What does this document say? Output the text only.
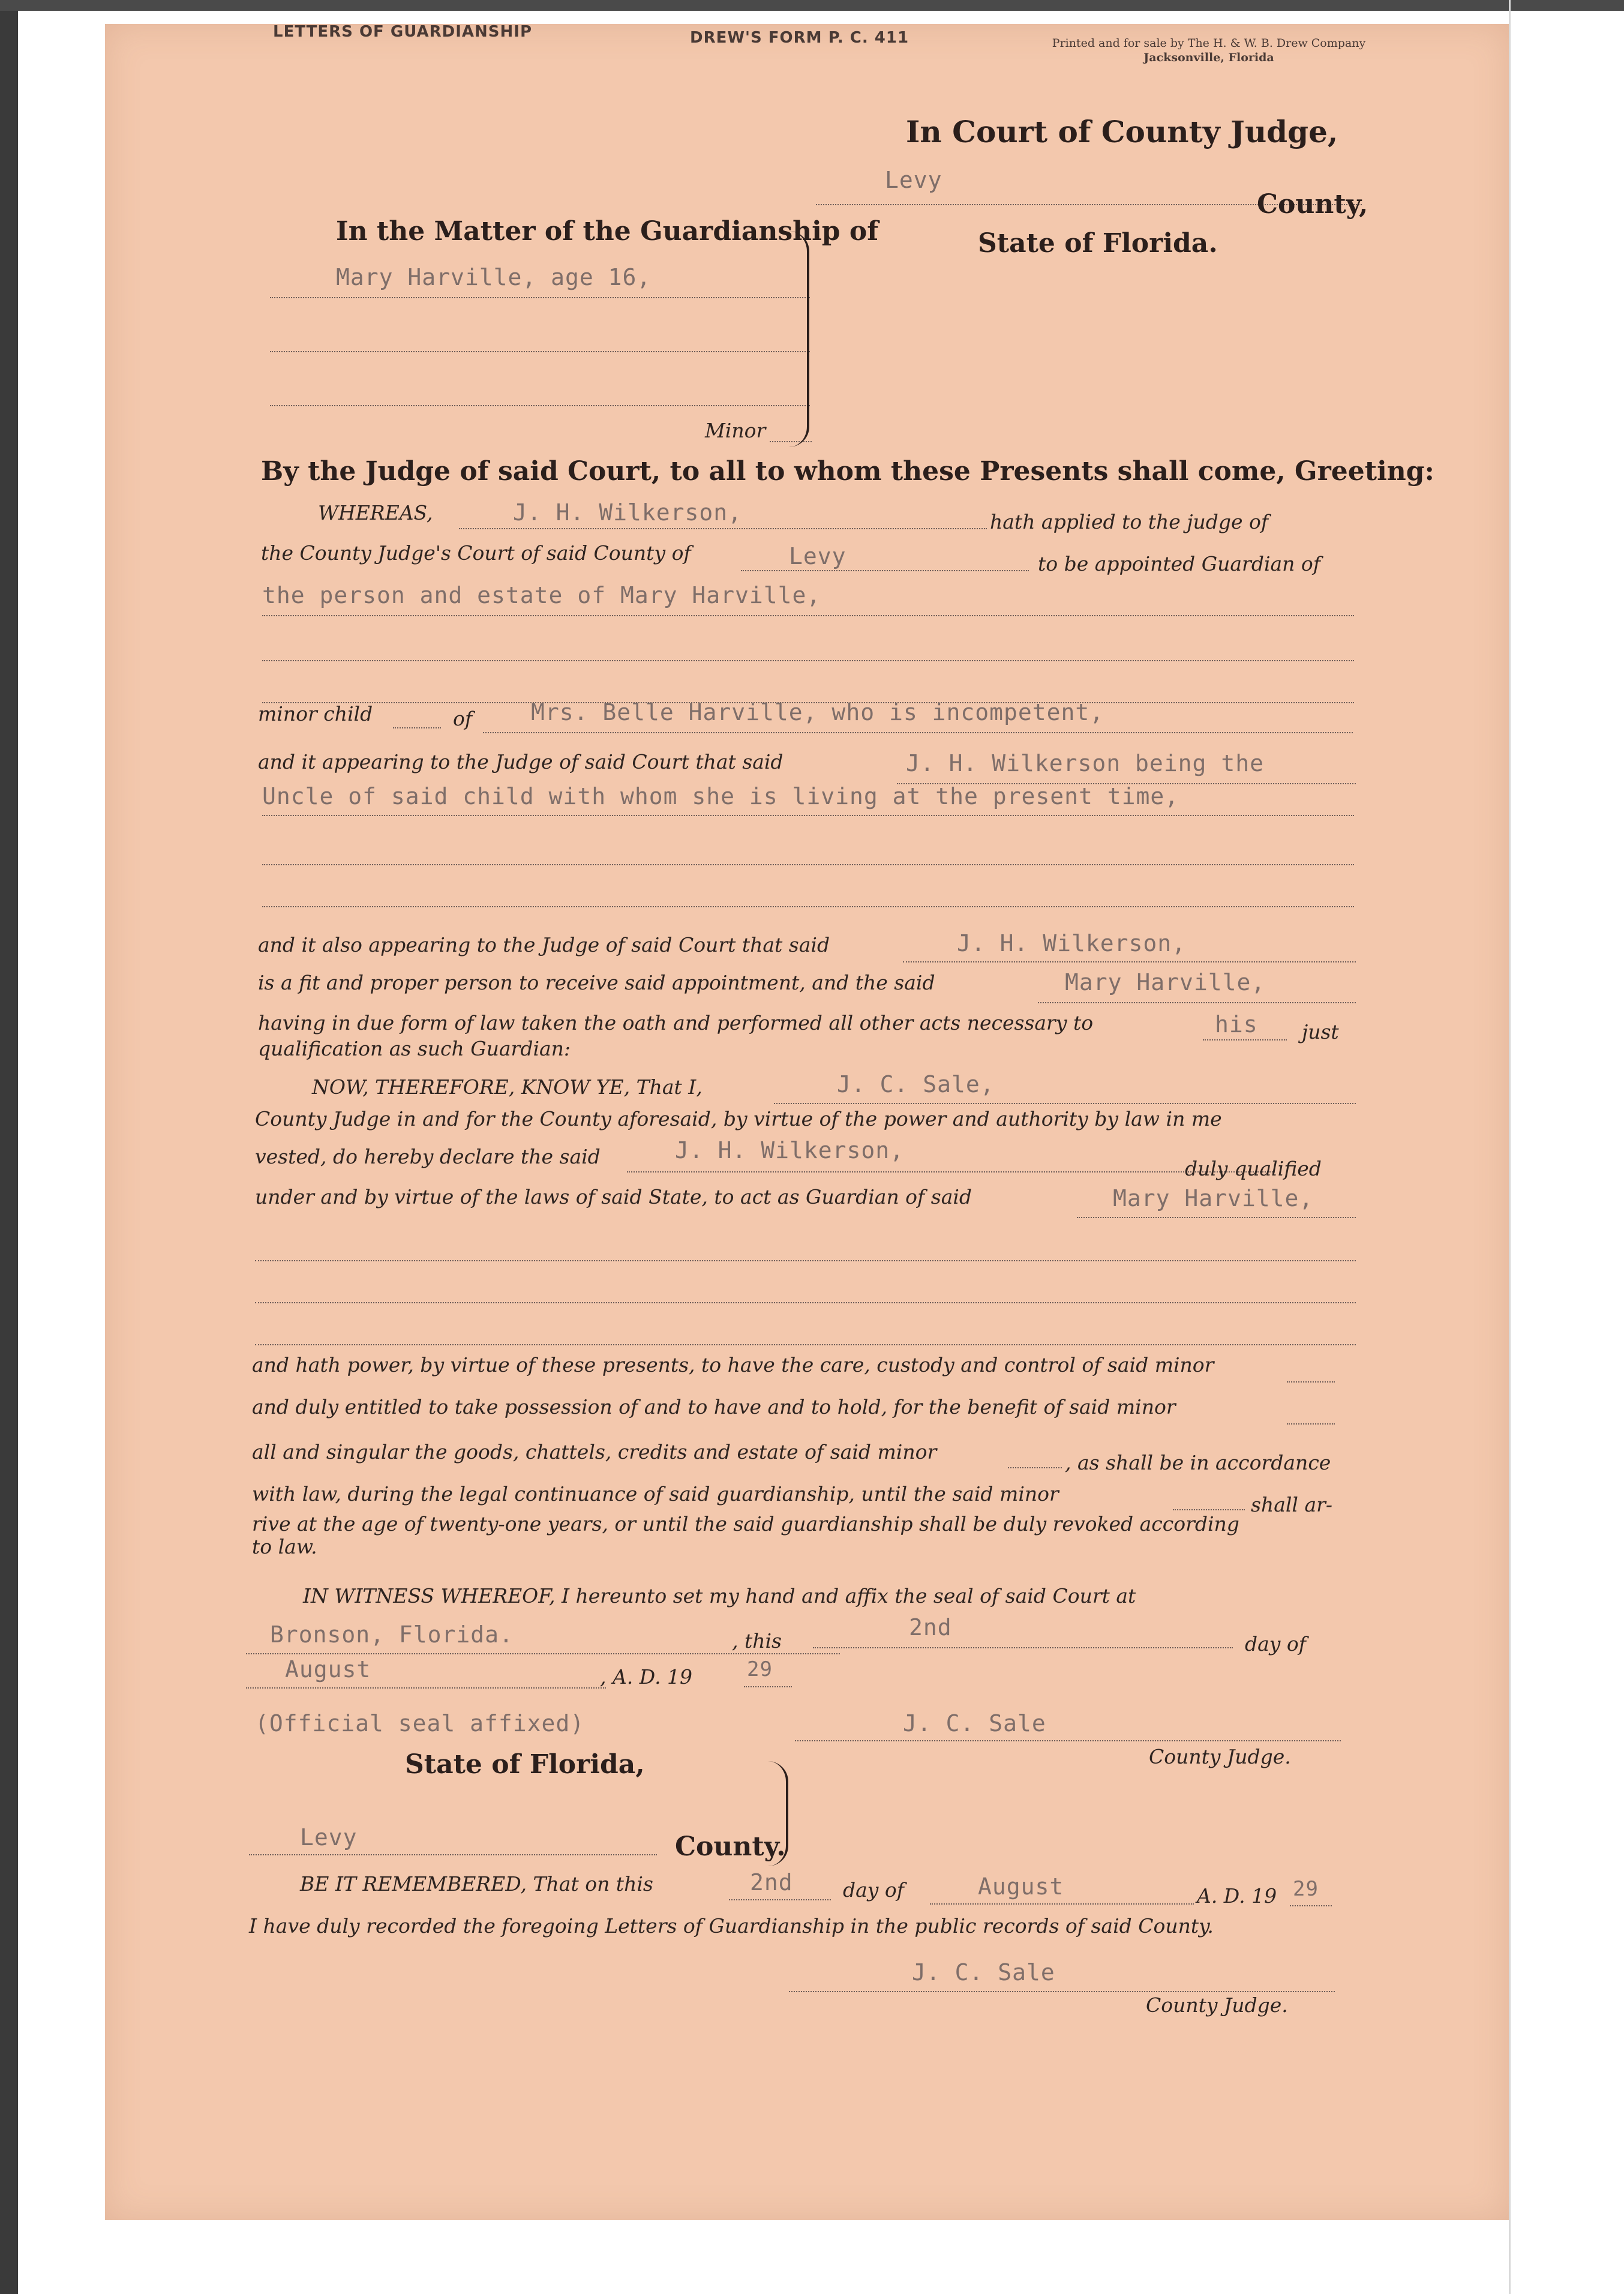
LETTERS OF GUARDIANSHIP	DREW'S FORM P. C. 411	Printed and for sale by The H. & W. B. Drew Company
Jacksonville, Florida
In Court of County Judge,
Levy
County,
State of Florida.
In the Matter of the Guardianship of
Mary Harville, age 16,
Minor
By the Judge of said Court, to all to whom these Presents shall come, Greeting:
WHEREAS,	J. H. Wilkerson,	hath applied to the judge of
the County Judge's Court of said County of	Levy	to be appointed Guardian of
the person and estate of Mary Harville,
minor child	of	Mrs. Belle Harville, who is incompetent,
and it appearing to the Judge of said Court that said	J. H. Wilkerson being the
Uncle of said child with whom she is living at the present time,
and it also appearing to the Judge of said Court that said	J. H. Wilkerson,
is a fit and proper person to receive said appointment, and the said	Mary Harville,
having in due form of law taken the oath and performed all other acts necessary to	his just
qualification as such Guardian:
NOW, THEREFORE, KNOW YE, That I,	J. C. Sale,
County Judge in and for the County aforesaid, by virtue of the power and authority by law in me
vested, do hereby declare the said	J. H. Wilkerson,
duly qualified
under and by virtue of the laws of said State, to act as Guardian of said	Mary Harville,
and hath power, by virtue of these presents, to have the care, custody and control of said minor
and duly entitled to take possession of and to have and to hold, for the benefit of said minor
all and singular the goods, chattels, credits and estate of said minor	, as shall be in accordance
with law, during the legal continuance of said guardianship, until the said minor	shall ar-
rive at the age of twenty-one years, or until the said guardianship shall be duly revoked according
to law.
IN WITNESS WHEREOF, I hereunto set my hand and affix the seal of said Court at
Bronson, Florida.	, this
2nd
day of
August	, A. D. 19	29
(Official seal affixed)	J. C. Sale
County Judge.
State of Florida,
Levy	County.
BE IT REMEMBERED, That on this	2nd	day of	August	A. D. 19 29
I have duly recorded the foregoing Letters of Guardianship in the public records of said County.
J. C. Sale
County Judge.
